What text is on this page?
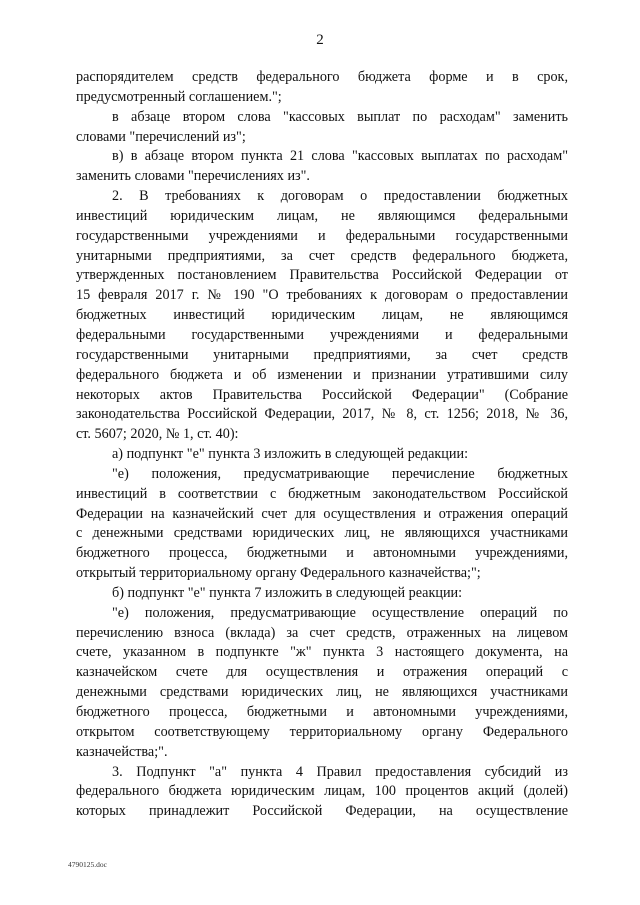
2
распорядителем средств федерального бюджета форме и в срок,
предусмотренный соглашением.";
в абзаце втором слова "кассовых выплат по расходам" заменить
словами "перечислений из";
в) в абзаце втором пункта 21 слова "кассовых выплатах по расходам"
заменить словами "перечислениях из".
2. В требованиях к договорам о предоставлении бюджетных
инвестиций юридическим лицам, не являющимся федеральными
государственными учреждениями и федеральными государственными
унитарными предприятиями, за счет средств федерального бюджета,
утвержденных постановлением Правительства Российской Федерации от
15 февраля 2017 г. № 190 "О требованиях к договорам о предоставлении
бюджетных инвестиций юридическим лицам, не являющимся
федеральными государственными учреждениями и федеральными
государственными унитарными предприятиями, за счет средств
федерального бюджета и об изменении и признании утратившими силу
некоторых актов Правительства Российской Федерации" (Собрание
законодательства Российской Федерации, 2017, № 8, ст. 1256; 2018, № 36,
ст. 5607; 2020, № 1, ст. 40):
а) подпункт "е" пункта 3 изложить в следующей редакции:
"е) положения, предусматривающие перечисление бюджетных
инвестиций в соответствии с бюджетным законодательством Российской
Федерации на казначейский счет для осуществления и отражения операций
с денежными средствами юридических лиц, не являющихся участниками
бюджетного процесса, бюджетными и автономными учреждениями,
открытый территориальному органу Федерального казначейства;";
б) подпункт "е" пункта 7 изложить в следующей реакции:
"е) положения, предусматривающие осуществление операций по
перечислению взноса (вклада) за счет средств, отраженных на лицевом
счете, указанном в подпункте "ж" пункта 3 настоящего документа, на
казначейском счете для осуществления и отражения операций с
денежными средствами юридических лиц, не являющихся участниками
бюджетного процесса, бюджетными и автономными учреждениями,
открытом соответствующему территориальному органу Федерального
казначейства;".
3. Подпункт "а" пункта 4 Правил предоставления субсидий из
федерального бюджета юридическим лицам, 100 процентов акций (долей)
которых принадлежит Российской Федерации, на осуществление
4790125.doc
